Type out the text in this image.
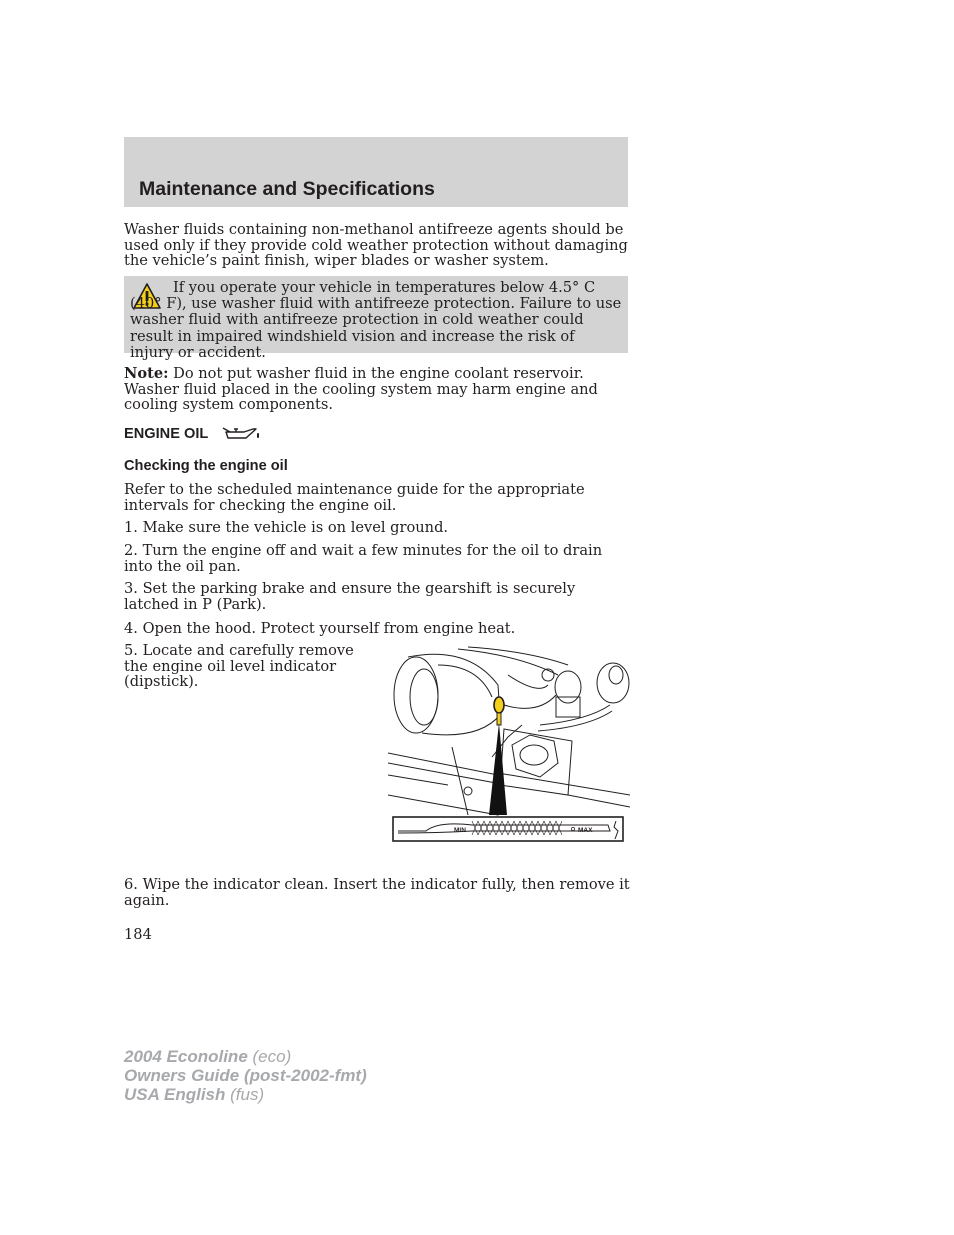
Maintenance and Specifications

Washer fluids containing non-methanol antifreeze agents should be used only if they provide cold weather protection without damaging the vehicle’s paint finish, wiper blades or washer system.

If you operate your vehicle in temperatures below 4.5° C (40° F), use washer fluid with antifreeze protection. Failure to use washer fluid with antifreeze protection in cold weather could result in impaired windshield vision and increase the risk of injury or accident.

Note: Do not put washer fluid in the engine coolant reservoir. Washer fluid placed in the cooling system may harm engine and cooling system components.

ENGINE OIL
Checking the engine oil

Refer to the scheduled maintenance guide for the appropriate intervals for checking the engine oil.

1. Make sure the vehicle is on level ground.

2. Turn the engine off and wait a few minutes for the oil to drain into the oil pan.

3. Set the parking brake and ensure the gearshift is securely latched in P (Park).

4. Open the hood. Protect yourself from engine heat.

5. Locate and carefully remove the engine oil level indicator (dipstick).

MIN	MAX

6. Wipe the indicator clean. Insert the indicator fully, then remove it again.

184

2004 Econoline (eco)
Owners Guide (post-2002-fmt)
USA English (fus)
